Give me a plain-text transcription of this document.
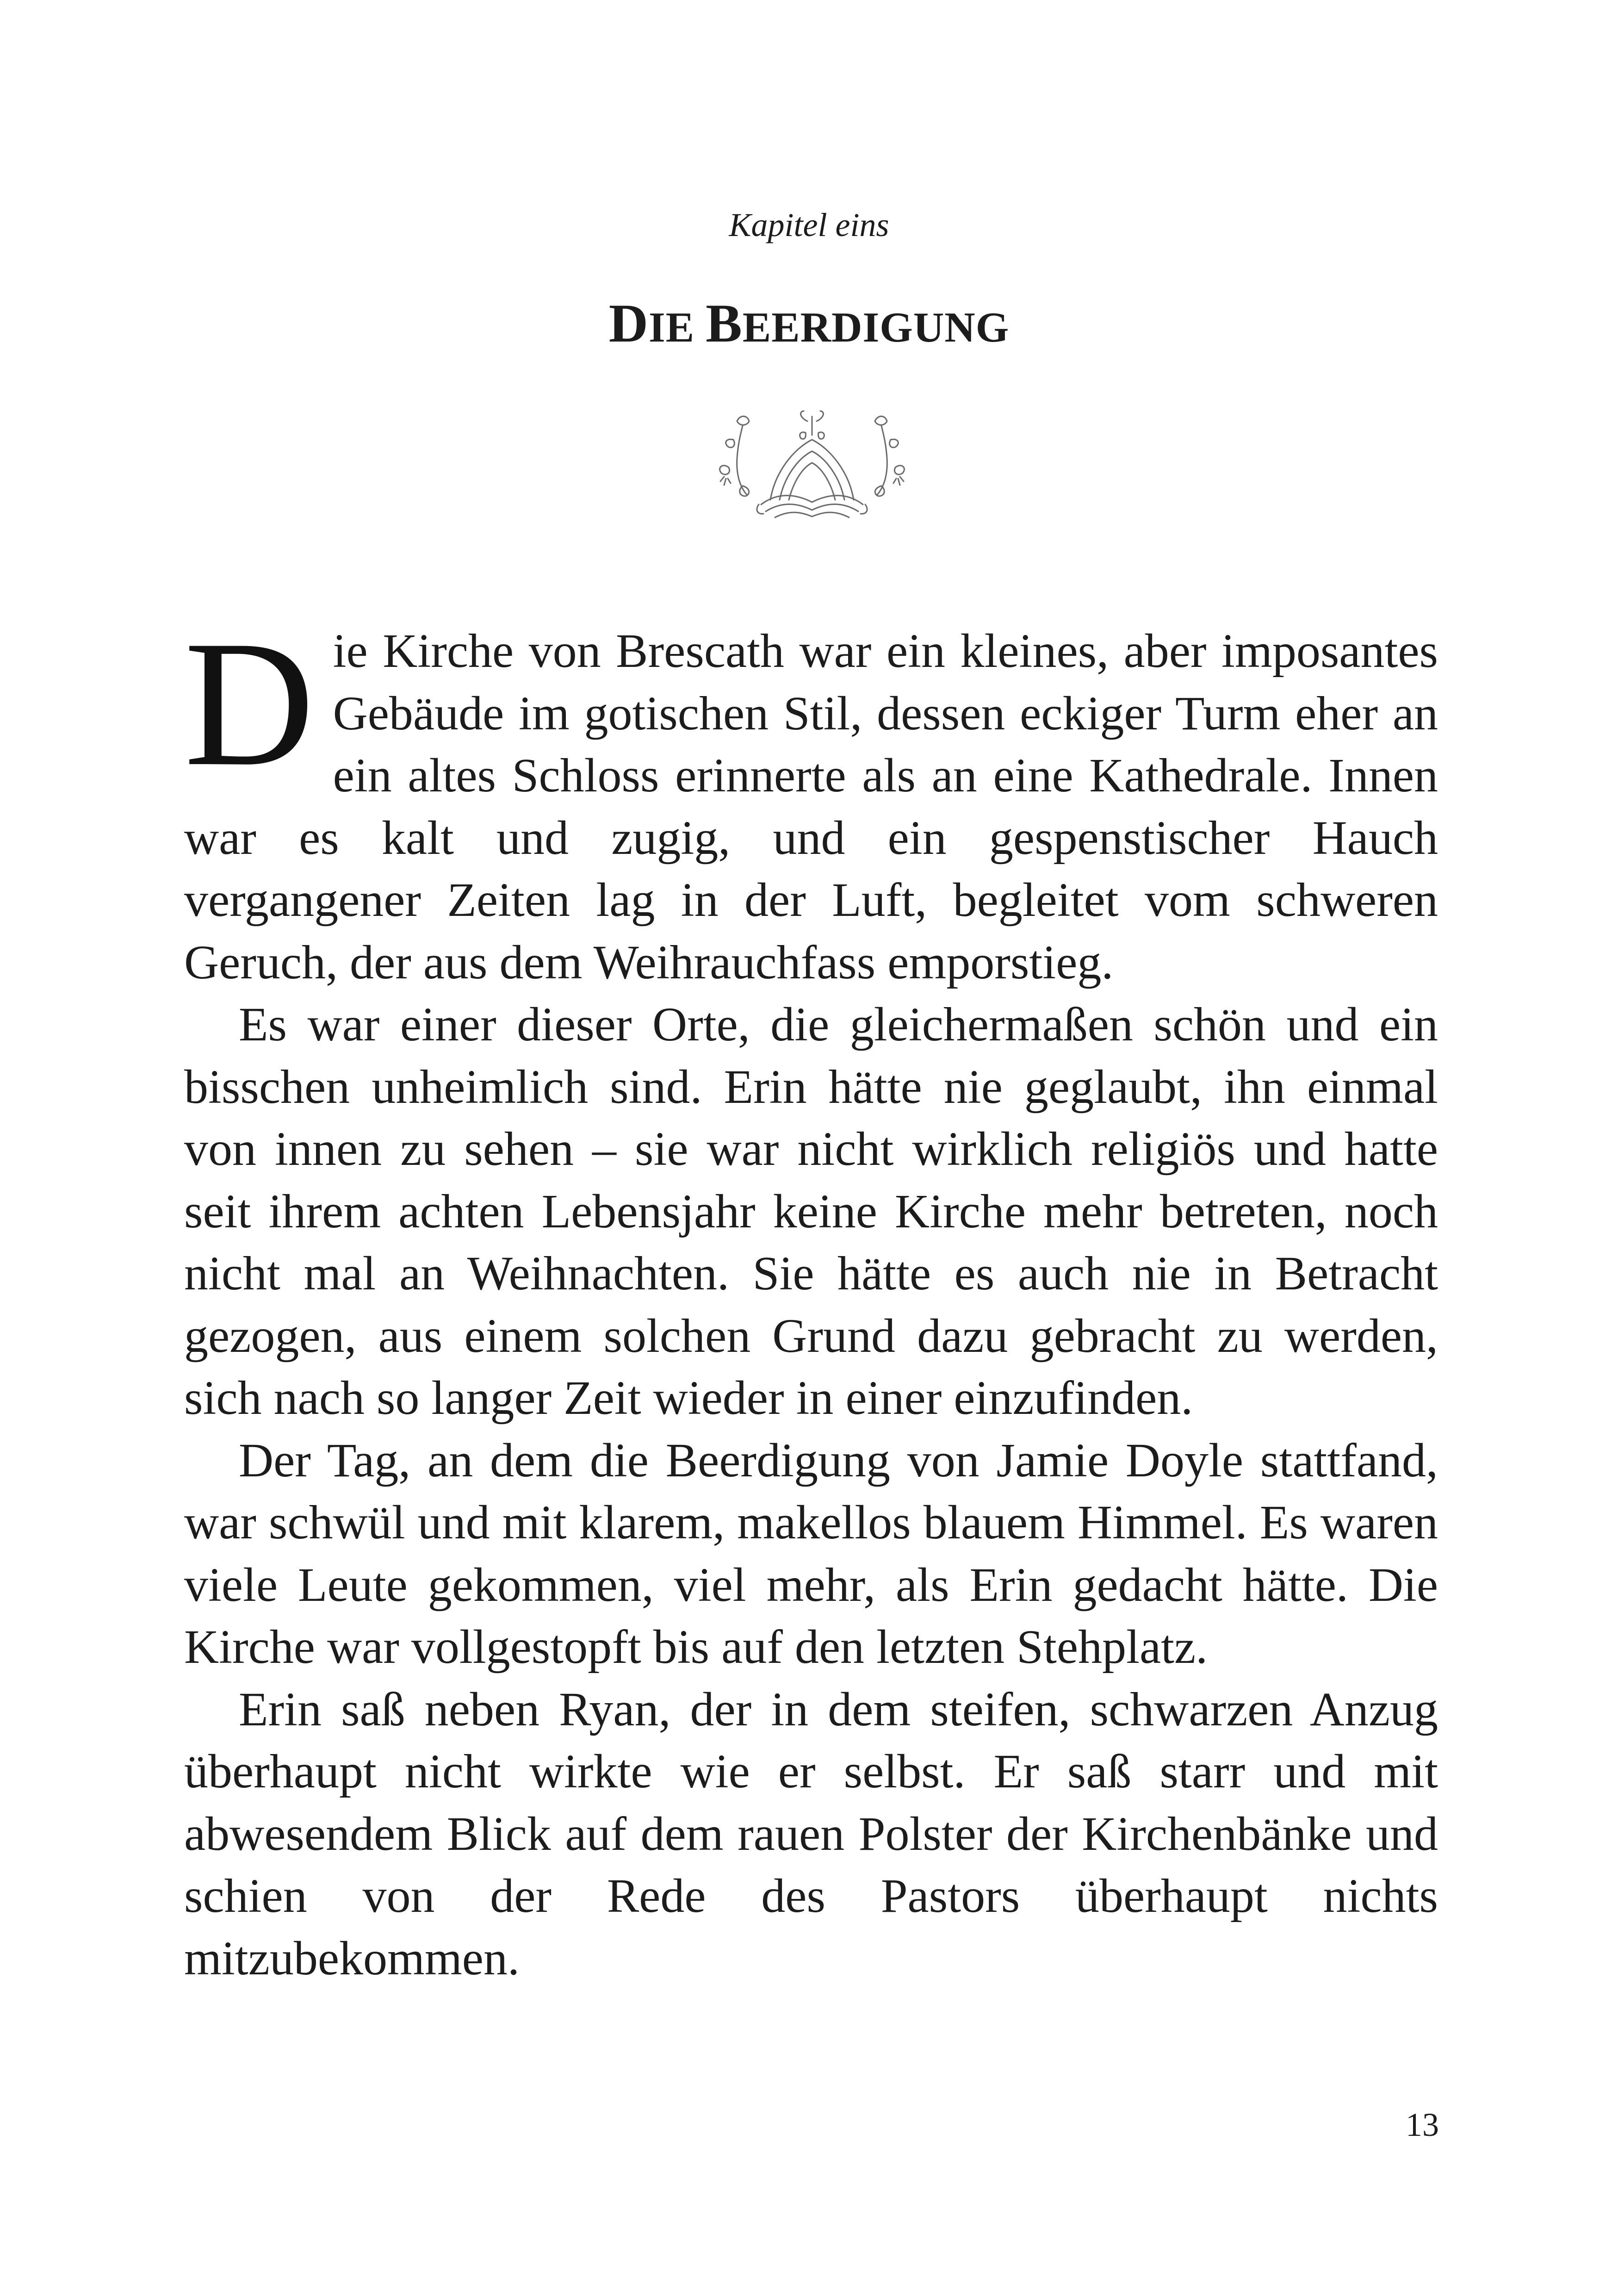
Kapitel eins
DIE BEERDIGUNG

Die Kirche von Brescath war ein kleines, aber imposantes Gebäude im gotischen Stil, dessen eckiger Turm eher an ein altes Schloss erinnerte als an eine Kathedrale. Innen war es kalt und zugig, und ein gespenstischer Hauch vergangener Zeiten lag in der Luft, begleitet vom schweren Geruch, der aus dem Weihrauchfass emporstieg.

Es war einer dieser Orte, die gleichermaßen schön und ein bisschen unheimlich sind. Erin hätte nie geglaubt, ihn einmal von innen zu sehen – sie war nicht wirklich religiös und hatte seit ihrem achten Lebensjahr keine Kirche mehr betreten, noch nicht mal an Weihnachten. Sie hätte es auch nie in Betracht gezogen, aus einem solchen Grund dazu gebracht zu werden, sich nach so langer Zeit wieder in einer einzufinden.

Der Tag, an dem die Beerdigung von Jamie Doyle stattfand, war schwül und mit klarem, makellos blauem Himmel. Es waren viele Leute gekommen, viel mehr, als Erin gedacht hätte. Die Kirche war vollgestopft bis auf den letzten Stehplatz.

Erin saß neben Ryan, der in dem steifen, schwarzen Anzug überhaupt nicht wirkte wie er selbst. Er saß starr und mit abwesendem Blick auf dem rauen Polster der Kirchenbänke und schien von der Rede des Pastors überhaupt nichts mitzubekommen.

13
